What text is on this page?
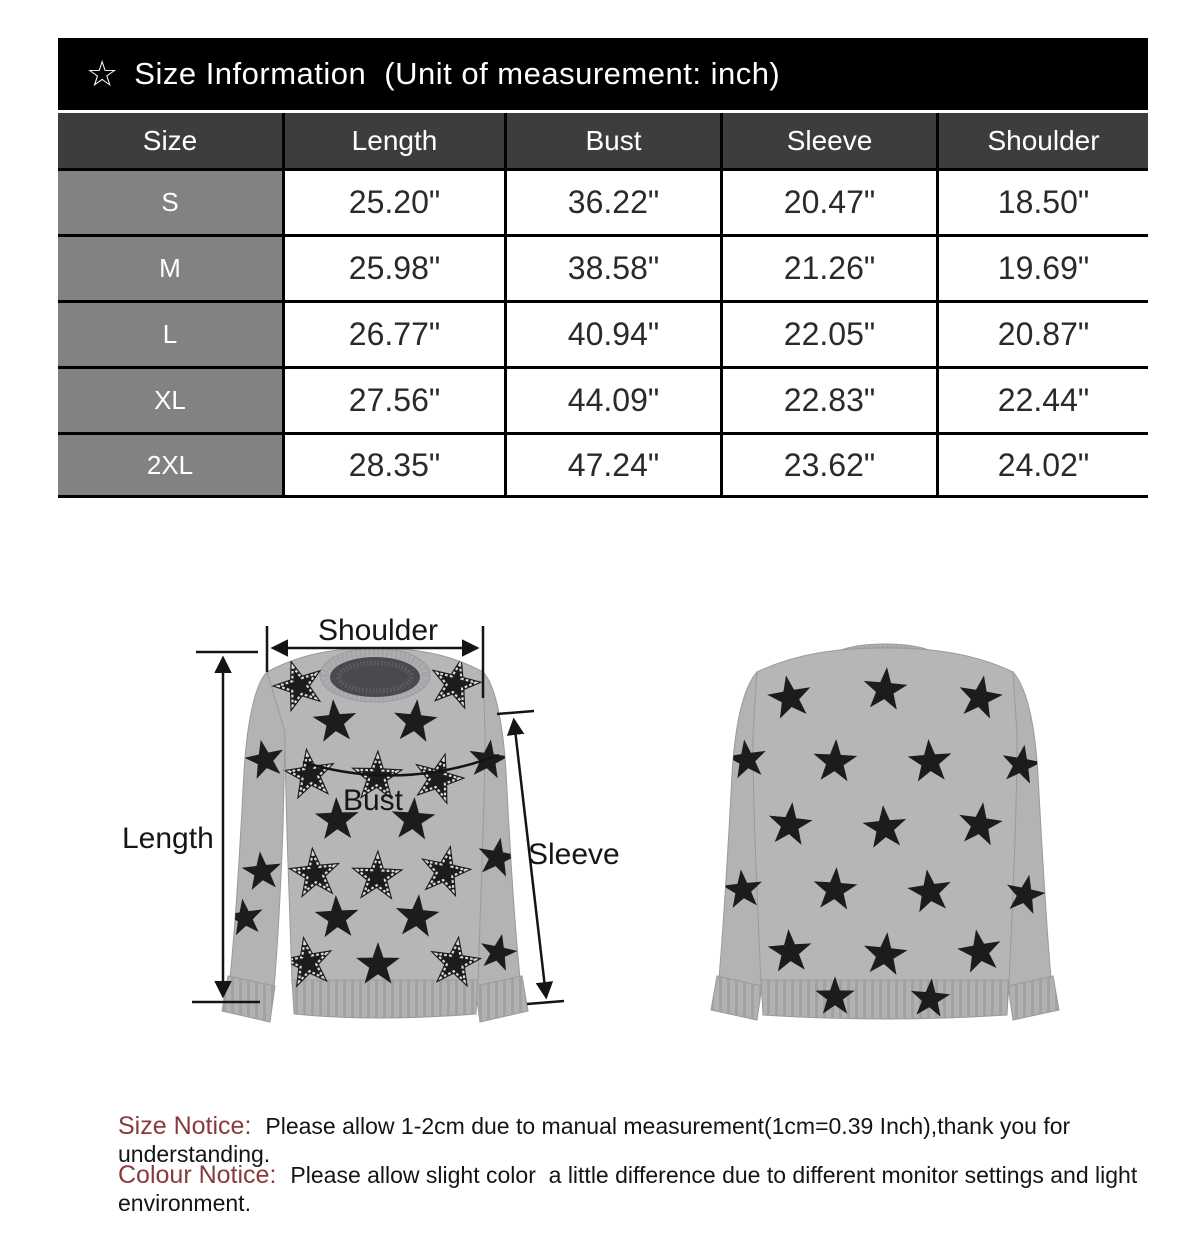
☆ Size Information (Unit of measurement: inch)
Size	Length	Bust	Sleeve	Shoulder
S	25.20"	36.22"	20.47"	18.50"
M	25.98"	38.58"	21.26"	19.69"
L	26.77"	40.94"	22.05"	20.87"
XL	27.56"	44.09"	22.83"	22.44"
2XL	28.35"	47.24"	23.62"	24.02"
Shoulder
Length
Bust
Sleeve
Size Notice: Please allow 1-2cm due to manual measurement(1cm=0.39 Inch),thank you for understanding.
Colour Notice: Please allow slight color  a little difference due to different monitor settings and light environment.
